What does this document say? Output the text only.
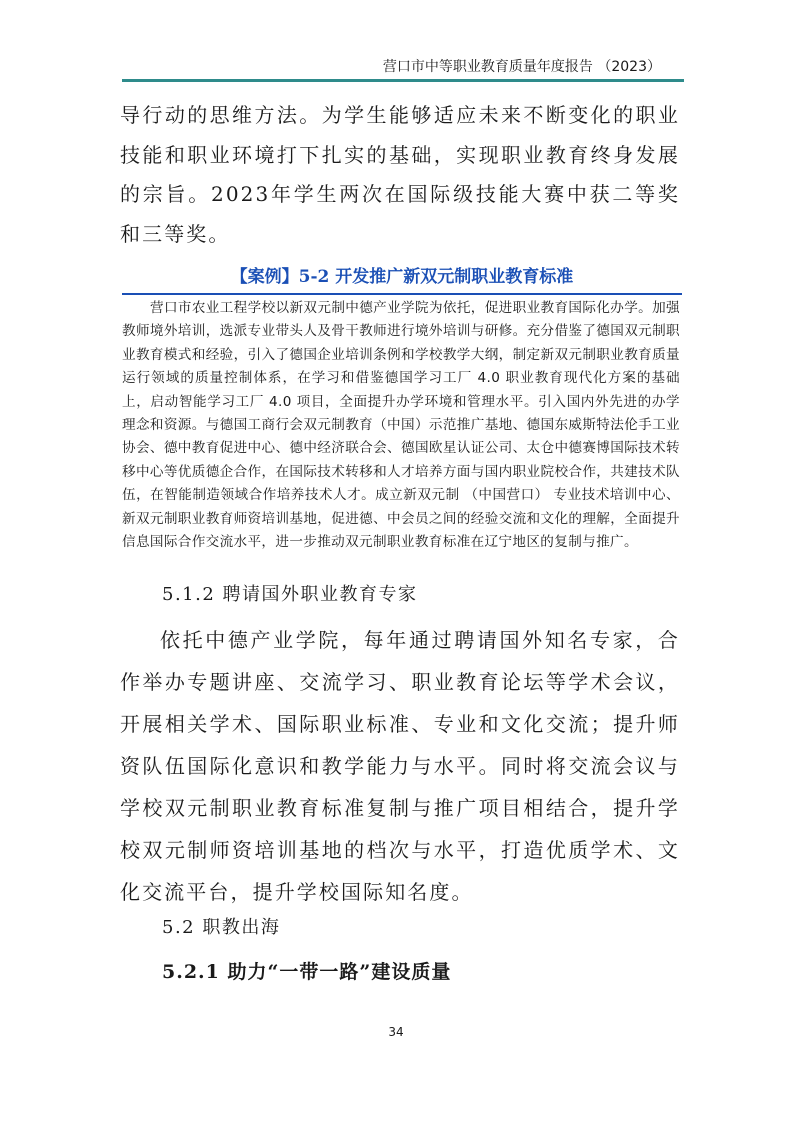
营口市中等职业教育质量年度报告 （2023）
导行动的思维方法。为学生能够适应未来不断变化的职业技能和职业环境打下扎实的基础，实现职业教育终身发展的宗旨。2023年学生两次在国际级技能大赛中获二等奖和三等奖。
【案例】5-2 开发推广新双元制职业教育标准
营口市农业工程学校以新双元制中德产业学院为依托，促进职业教育国际化办学。加强教师境外培训，选派专业带头人及骨干教师进行境外培训与研修。充分借鉴了德国双元制职业教育模式和经验，引入了德国企业培训条例和学校教学大纲，制定新双元制职业教育质量运行领域的质量控制体系，在学习和借鉴德国学习工厂 4.0 职业教育现代化方案的基础上，启动智能学习工厂 4.0 项目，全面提升办学环境和管理水平。引入国内外先进的办学理念和资源。与德国工商行会双元制教育（中国）示范推广基地、德国东威斯特法伦手工业协会、德中教育促进中心、德中经济联合会、德国欧星认证公司、太仓中德赛博国际技术转移中心等优质德企合作，在国际技术转移和人才培养方面与国内职业院校合作，共建技术队伍，在智能制造领域合作培养技术人才。成立新双元制 （中国营口） 专业技术培训中心、新双元制职业教育师资培训基地，促进德、中会员之间的经验交流和文化的理解，全面提升信息国际合作交流水平，进一步推动双元制职业教育标准在辽宁地区的复制与推广。
5.1.2 聘请国外职业教育专家
依托中德产业学院，每年通过聘请国外知名专家，合作举办专题讲座、交流学习、职业教育论坛等学术会议，开展相关学术、国际职业标准、专业和文化交流；提升师资队伍国际化意识和教学能力与水平。同时将交流会议与学校双元制职业教育标准复制与推广项目相结合，提升学校双元制师资培训基地的档次与水平，打造优质学术、文化交流平台，提升学校国际知名度。
5.2 职教出海
5.2.1 助力“一带一路”建设质量
34
